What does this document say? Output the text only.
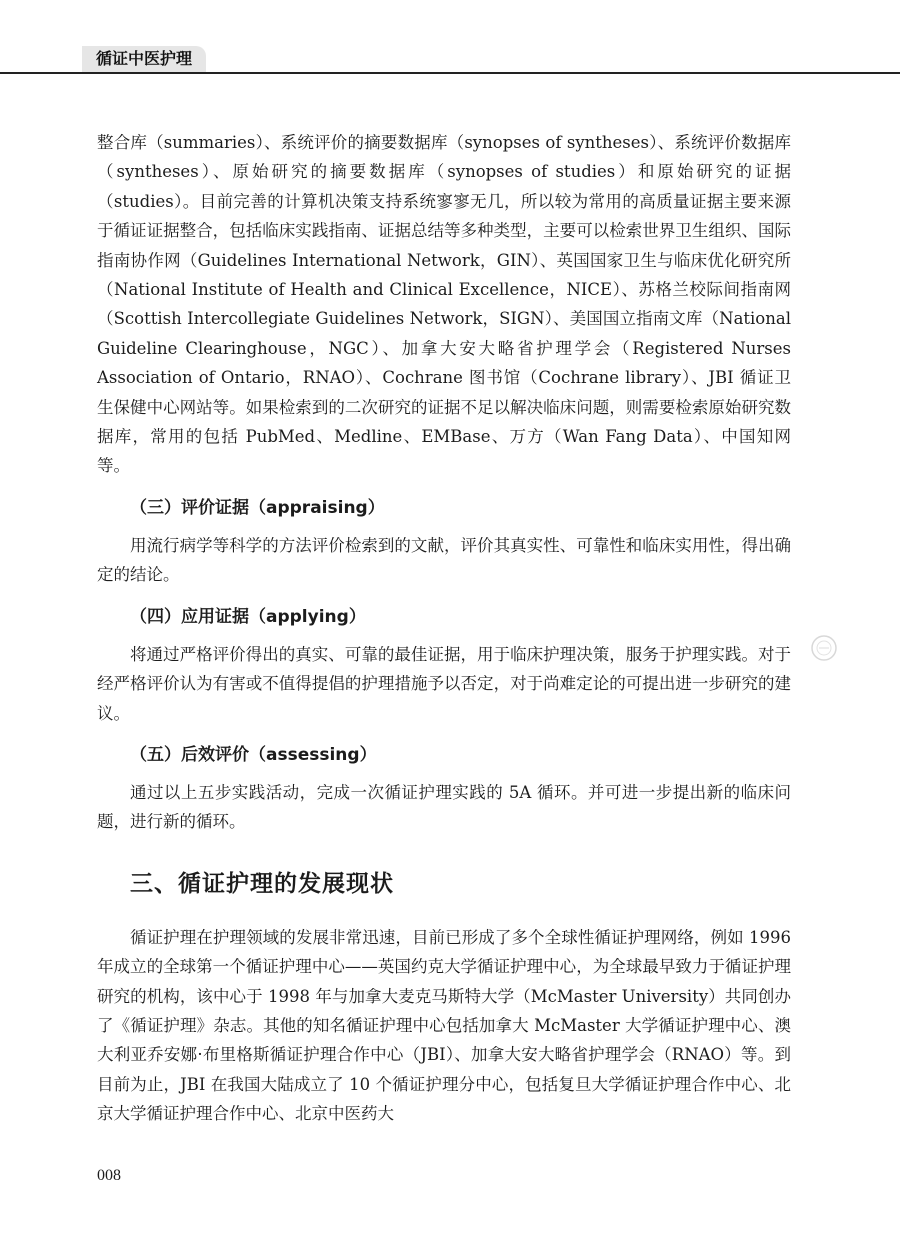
循证中医护理

整合库（summaries）、系统评价的摘要数据库（synopses of syntheses）、系统评价数据库（syntheses）、原始研究的摘要数据库（synopses of studies）和原始研究的证据（studies）。目前完善的计算机决策支持系统寥寥无几，所以较为常用的高质量证据主要来源于循证证据整合，包括临床实践指南、证据总结等多种类型，主要可以检索世界卫生组织、国际指南协作网（Guidelines International Network，GIN）、英国国家卫生与临床优化研究所（National Institute of Health and Clinical Excellence，NICE）、苏格兰校际间指南网（Scottish Intercollegiate Guidelines Network，SIGN）、美国国立指南文库（National Guideline Clearinghouse，NGC）、加拿大安大略省护理学会（Registered Nurses Association of Ontario，RNAO）、Cochrane 图书馆（Cochrane library）、JBI 循证卫生保健中心网站等。如果检索到的二次研究的证据不足以解决临床问题，则需要检索原始研究数据库，常用的包括 PubMed、Medline、EMBase、万方（Wan Fang Data）、中国知网等。

（三）评价证据（appraising）

用流行病学等科学的方法评价检索到的文献，评价其真实性、可靠性和临床实用性，得出确定的结论。

（四）应用证据（applying）

将通过严格评价得出的真实、可靠的最佳证据，用于临床护理决策，服务于护理实践。对于经严格评价认为有害或不值得提倡的护理措施予以否定，对于尚难定论的可提出进一步研究的建议。

（五）后效评价（assessing）

通过以上五步实践活动，完成一次循证护理实践的 5A 循环。并可进一步提出新的临床问题，进行新的循环。

三、循证护理的发展现状

循证护理在护理领域的发展非常迅速，目前已形成了多个全球性循证护理网络，例如 1996 年成立的全球第一个循证护理中心——英国约克大学循证护理中心，为全球最早致力于循证护理研究的机构，该中心于 1998 年与加拿大麦克马斯特大学（McMaster University）共同创办了《循证护理》杂志。其他的知名循证护理中心包括加拿大 McMaster 大学循证护理中心、澳大利亚乔安娜·布里格斯循证护理合作中心（JBI）、加拿大安大略省护理学会（RNAO）等。到目前为止，JBI 在我国大陆成立了 10 个循证护理分中心，包括复旦大学循证护理合作中心、北京大学循证护理合作中心、北京中医药大

008
